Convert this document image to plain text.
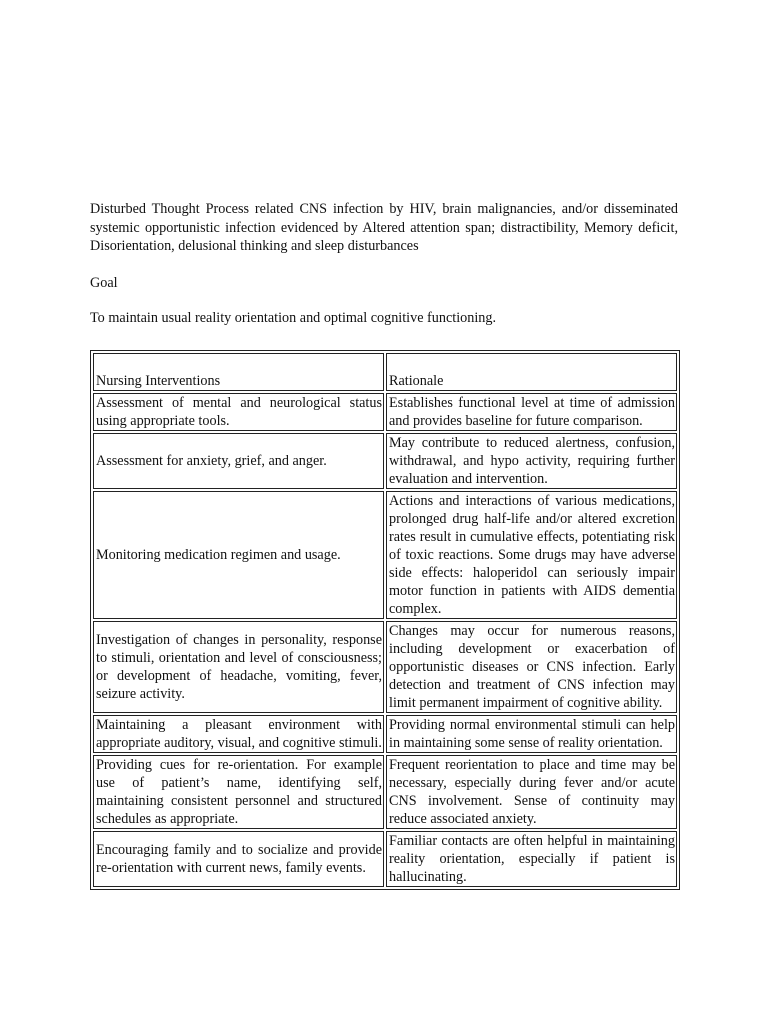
Disturbed Thought Process related CNS infection by HIV, brain malignancies, and/or disseminated systemic opportunistic infection evidenced by Altered attention span; distractibility, Memory deficit, Disorientation, delusional thinking and sleep disturbances

Goal

To maintain usual reality orientation and optimal cognitive functioning.

Nursing Interventions	Rationale
Assessment of mental and neurological status using appropriate tools.	Establishes functional level at time of admission and provides baseline for future comparison.
Assessment for anxiety, grief, and anger.	May contribute to reduced alertness, confusion, withdrawal, and hypo activity, requiring further evaluation and intervention.
Monitoring medication regimen and usage.	Actions and interactions of various medications, prolonged drug half-life and/or altered excretion rates result in cumulative effects, potentiating risk of toxic reactions. Some drugs may have adverse side effects: haloperidol can seriously impair motor function in patients with AIDS dementia complex.
Investigation of changes in personality, response to stimuli, orientation and level of consciousness; or development of headache, vomiting, fever, seizure activity.	Changes may occur for numerous reasons, including development or exacerbation of opportunistic diseases or CNS infection. Early detection and treatment of CNS infection may limit permanent impairment of cognitive ability.
Maintaining a pleasant environment with appropriate auditory, visual, and cognitive stimuli.	Providing normal environmental stimuli can help in maintaining some sense of reality orientation.
Providing cues for re-orientation. For example use of patient’s name, identifying self, maintaining consistent personnel and structured schedules as appropriate.	Frequent reorientation to place and time may be necessary, especially during fever and/or acute CNS involvement. Sense of continuity may reduce associated anxiety.
Encouraging family and to socialize and provide re-orientation with current news, family events.	Familiar contacts are often helpful in maintaining reality orientation, especially if patient is hallucinating.
